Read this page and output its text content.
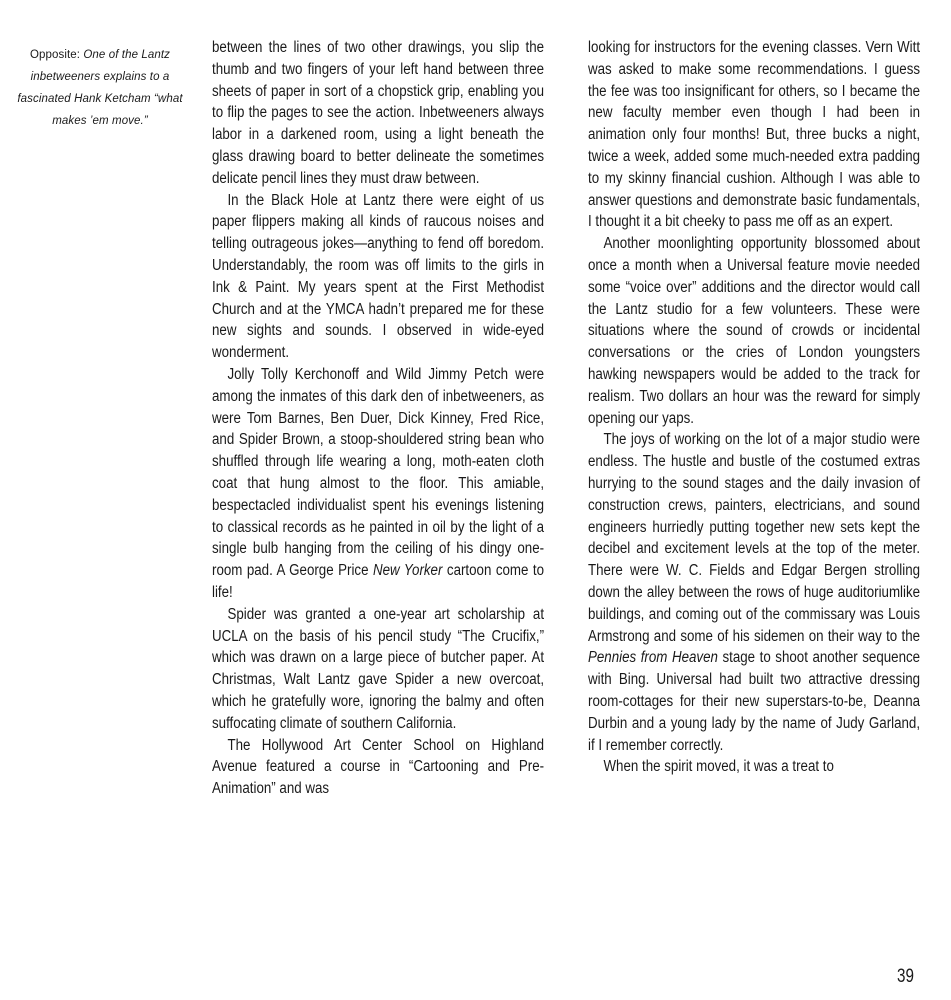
Opposite: One of the Lantz inbetweeners explains to a fascinated Hank Ketcham “what makes ’em move.”

between the lines of two other drawings, you slip the thumb and two fingers of your left hand between three sheets of paper in sort of a chopstick grip, enabling you to flip the pages to see the action. Inbetweeners always labor in a darkened room, using a light beneath the glass drawing board to better delineate the sometimes delicate pencil lines they must draw between.

In the Black Hole at Lantz there were eight of us paper flippers making all kinds of raucous noises and telling outrageous jokes—anything to fend off boredom. Understandably, the room was off limits to the girls in Ink & Paint. My years spent at the First Methodist Church and at the YMCA hadn’t prepared me for these new sights and sounds. I observed in wide-eyed wonderment.

Jolly Tolly Kerchonoff and Wild Jimmy Petch were among the inmates of this dark den of inbetweeners, as were Tom Barnes, Ben Duer, Dick Kinney, Fred Rice, and Spider Brown, a stoop-shouldered string bean who shuffled through life wearing a long, moth-eaten cloth coat that hung almost to the floor. This amiable, bespectacled individualist spent his evenings listening to classical records as he painted in oil by the light of a single bulb hanging from the ceiling of his dingy one-room pad. A George Price New Yorker cartoon come to life!

Spider was granted a one-year art scholarship at UCLA on the basis of his pencil study “The Crucifix,” which was drawn on a large piece of butcher paper. At Christmas, Walt Lantz gave Spider a new overcoat, which he gratefully wore, ignoring the balmy and often suffocating climate of southern California.

The Hollywood Art Center School on Highland Avenue featured a course in “Cartooning and Pre-Animation” and was

looking for instructors for the evening classes. Vern Witt was asked to make some recommendations. I guess the fee was too insignificant for others, so I became the new faculty member even though I had been in animation only four months! But, three bucks a night, twice a week, added some much-needed extra padding to my skinny financial cushion. Although I was able to answer questions and demonstrate basic fundamentals, I thought it a bit cheeky to pass me off as an expert.

Another moonlighting opportunity blossomed about once a month when a Universal feature movie needed some “voice over” additions and the director would call the Lantz studio for a few volunteers. These were situations where the sound of crowds or incidental conversations or the cries of London youngsters hawking newspapers would be added to the track for realism. Two dollars an hour was the reward for simply opening our yaps.

The joys of working on the lot of a major studio were endless. The hustle and bustle of the costumed extras hurrying to the sound stages and the daily invasion of construction crews, painters, electricians, and sound engineers hurriedly putting together new sets kept the decibel and excitement levels at the top of the meter. There were W. C. Fields and Edgar Bergen strolling down the alley between the rows of huge auditoriumlike buildings, and coming out of the commissary was Louis Armstrong and some of his sidemen on their way to the Pennies from Heaven stage to shoot another sequence with Bing. Universal had built two attractive dressing room-cottages for their new superstars-to-be, Deanna Durbin and a young lady by the name of Judy Garland, if I remember correctly.

When the spirit moved, it was a treat to

39
